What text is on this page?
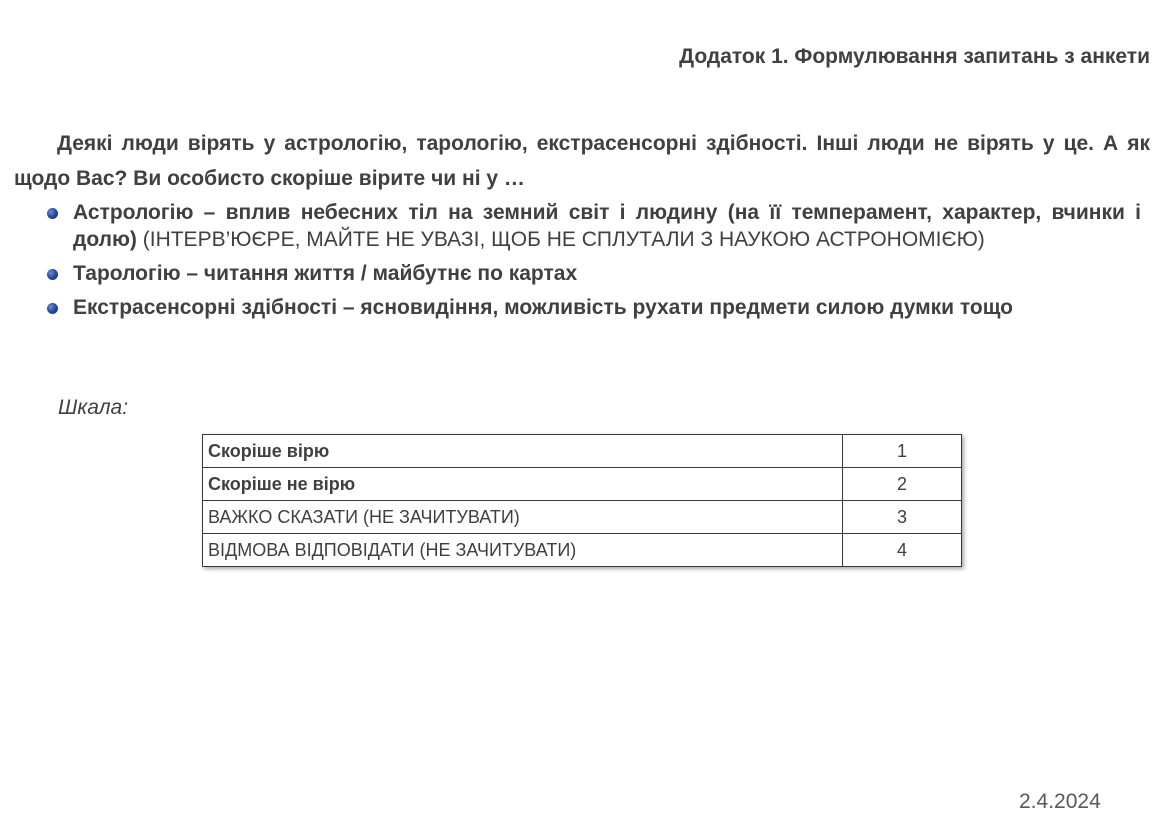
Додаток 1. Формулювання запитань з анкети

Деякі люди вірять у астрологію, тарологію, екстрасенсорні здібності. Інші люди не вірять у це. А як щодо Вас? Ви особисто скоріше вірите чи ні у …

Астрологію – вплив небесних тіл на земний світ і людину (на її темперамент, характер, вчинки і долю) (ІНТЕРВ’ЮЄРЕ, МАЙТЕ НЕ УВАЗІ, ЩОБ НЕ СПЛУТАЛИ З НАУКОЮ АСТРОНОМІЄЮ)
Тарологію – читання життя / майбутнє по картах
Екстрасенсорні здібності – ясновидіння, можливість рухати предмети силою думки тощо
Шкала:
Скоріше вірю	1
Скоріше не вірю	2
ВАЖКО СКАЗАТИ (НЕ ЗАЧИТУВАТИ)	3
ВІДМОВА ВІДПОВІДАТИ (НЕ ЗАЧИТУВАТИ)	4
2.4.2024
